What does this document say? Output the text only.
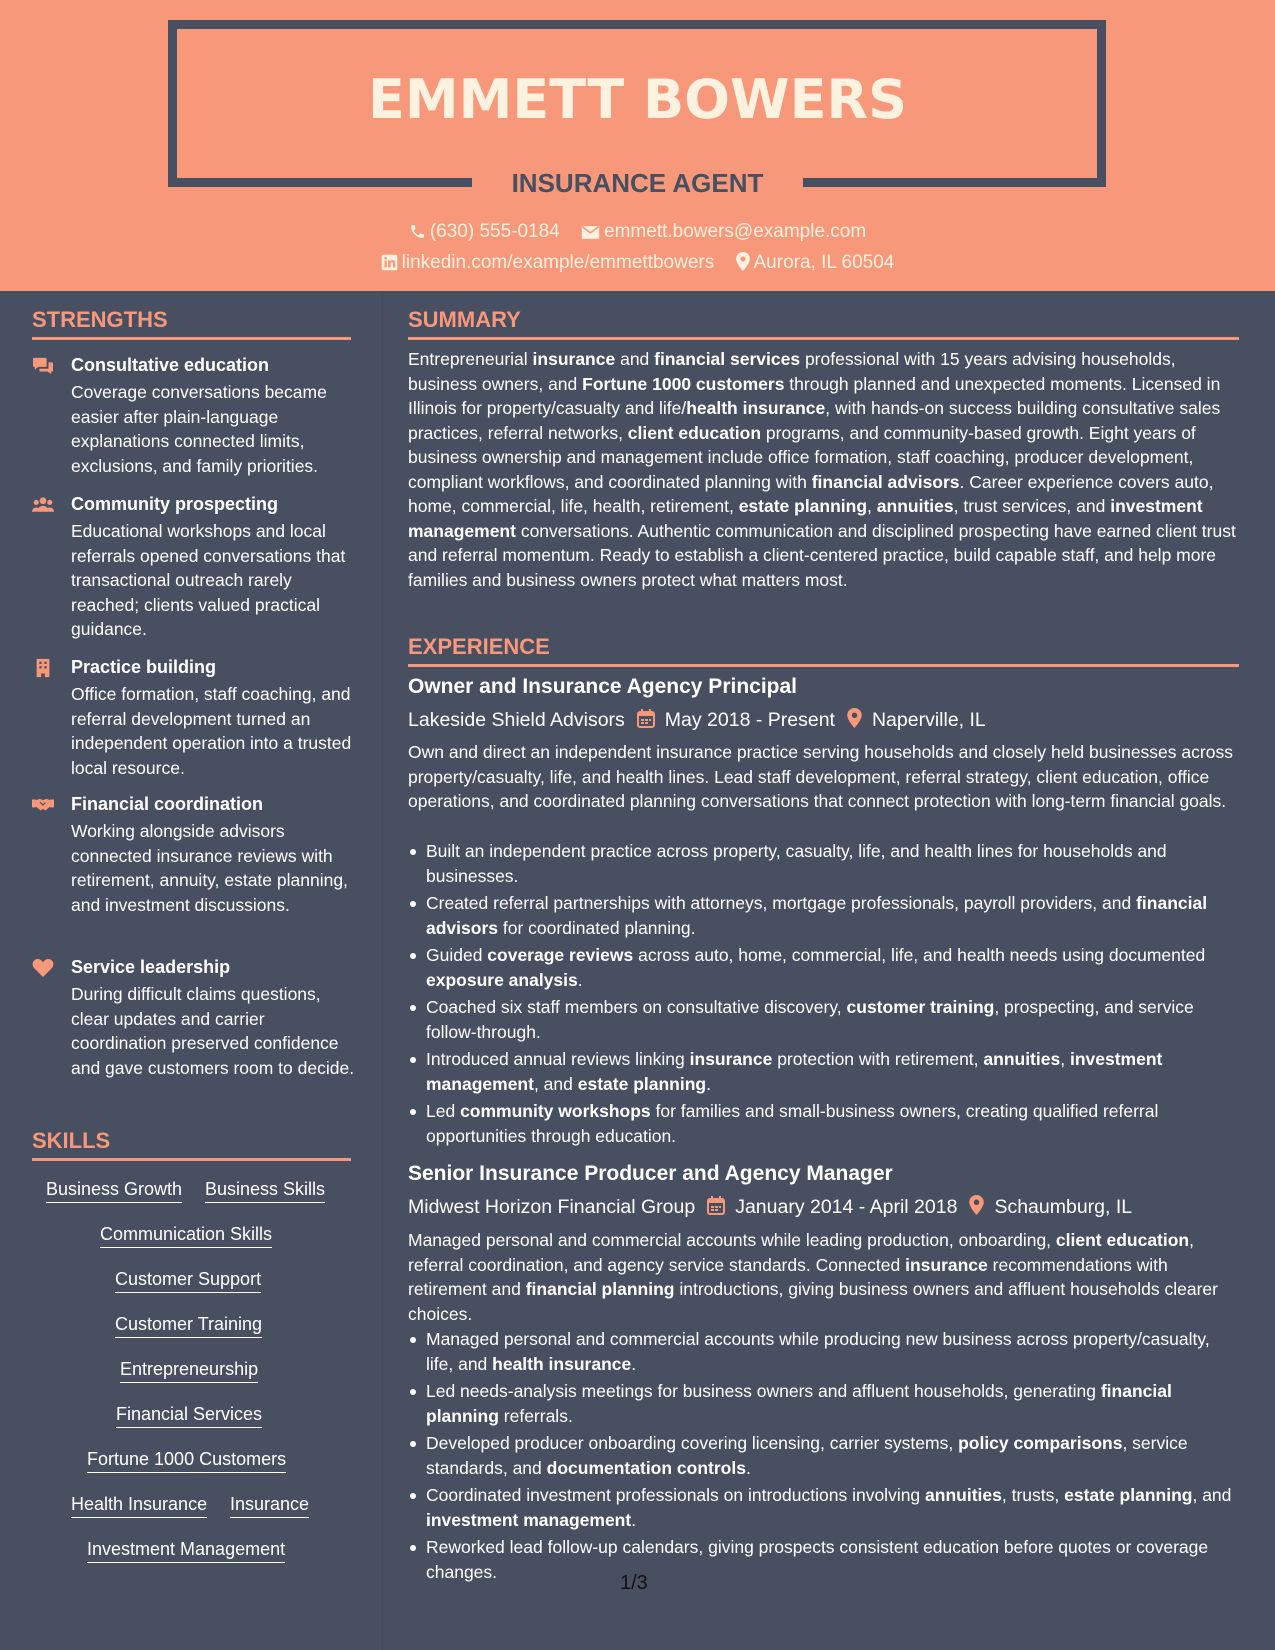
EMMETT BOWERS
INSURANCE AGENT
(630) 555-0184 emmett.bowers@example.com
linkedin.com/example/emmettbowers Aurora, IL 60504
STRENGTHS
Consultative education
Coverage conversations became easier after plain-language explanations connected limits, exclusions, and family priorities.
Community prospecting
Educational workshops and local referrals opened conversations that transactional outreach rarely reached; clients valued practical guidance.
Practice building
Office formation, staff coaching, and referral development turned an independent operation into a trusted local resource.
Financial coordination
Working alongside advisors connected insurance reviews with retirement, annuity, estate planning, and investment discussions.
Service leadership
During difficult claims questions, clear updates and carrier coordination preserved confidence and gave customers room to decide.
SKILLS
Business Growth Business Skills
Communication Skills
Customer Support
Customer Training
Entrepreneurship
Financial Services
Fortune 1000 Customers
Health Insurance Insurance
Investment Management
SUMMARY
Entrepreneurial insurance and financial services professional with 15 years advising households, business owners, and Fortune 1000 customers through planned and unexpected moments. Licensed in Illinois for property/casualty and life/health insurance, with hands-on success building consultative sales practices, referral networks, client education programs, and community-based growth. Eight years of business ownership and management include office formation, staff coaching, producer development, compliant workflows, and coordinated planning with financial advisors. Career experience covers auto, home, commercial, life, health, retirement, estate planning, annuities, trust services, and investment management conversations. Authentic communication and disciplined prospecting have earned client trust and referral momentum. Ready to establish a client-centered practice, build capable staff, and help more families and business owners protect what matters most.
EXPERIENCE
Owner and Insurance Agency Principal
Lakeside Shield Advisors May 2018 - Present Naperville, IL
Own and direct an independent insurance practice serving households and closely held businesses across property/casualty, life, and health lines. Lead staff development, referral strategy, client education, office operations, and coordinated planning conversations that connect protection with long-term financial goals.
Built an independent practice across property, casualty, life, and health lines for households and businesses.
Created referral partnerships with attorneys, mortgage professionals, payroll providers, and financial advisors for coordinated planning.
Guided coverage reviews across auto, home, commercial, life, and health needs using documented exposure analysis.
Coached six staff members on consultative discovery, customer training, prospecting, and service follow-through.
Introduced annual reviews linking insurance protection with retirement, annuities, investment management, and estate planning.
Led community workshops for families and small-business owners, creating qualified referral opportunities through education.
Senior Insurance Producer and Agency Manager
Midwest Horizon Financial Group January 2014 - April 2018 Schaumburg, IL
Managed personal and commercial accounts while leading production, onboarding, client education, referral coordination, and agency service standards. Connected insurance recommendations with retirement and financial planning introductions, giving business owners and affluent households clearer choices.
Managed personal and commercial accounts while producing new business across property/casualty, life, and health insurance.
Led needs-analysis meetings for business owners and affluent households, generating financial planning referrals.
Developed producer onboarding covering licensing, carrier systems, policy comparisons, service standards, and documentation controls.
Coordinated investment professionals on introductions involving annuities, trusts, estate planning, and investment management.
Reworked lead follow-up calendars, giving prospects consistent education before quotes or coverage changes.
1/3
